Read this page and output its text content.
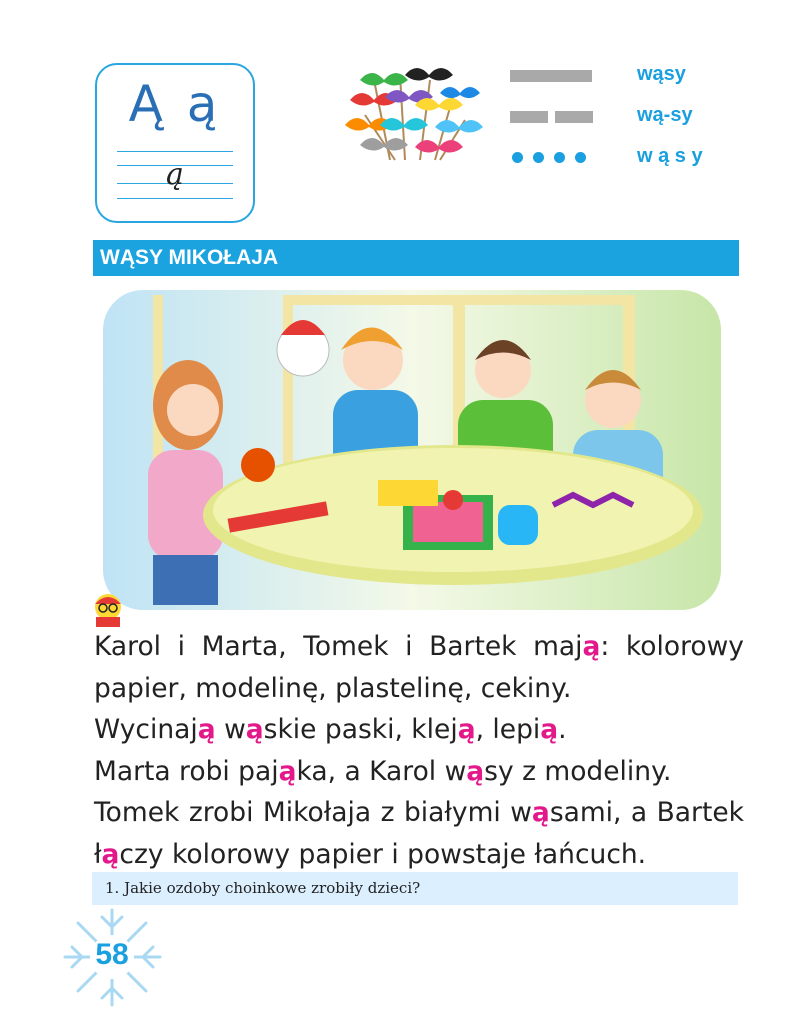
Ą ą
ą
wąsy
wą-sy
w ą s y
WĄSY MIKOŁAJA
Karol i Marta, Tomek i Bartek mają: kolorowy
papier, modelinę, plastelinę, cekiny.
Wycinają wąskie paski, kleją, lepią.
Marta robi pająka, a Karol wąsy z modeliny.
Tomek zrobi Mikołaja z białymi wąsami, a Bartek
łączy kolorowy papier i powstaje łańcuch.
1. Jakie ozdoby choinkowe zrobiły dzieci?
58
